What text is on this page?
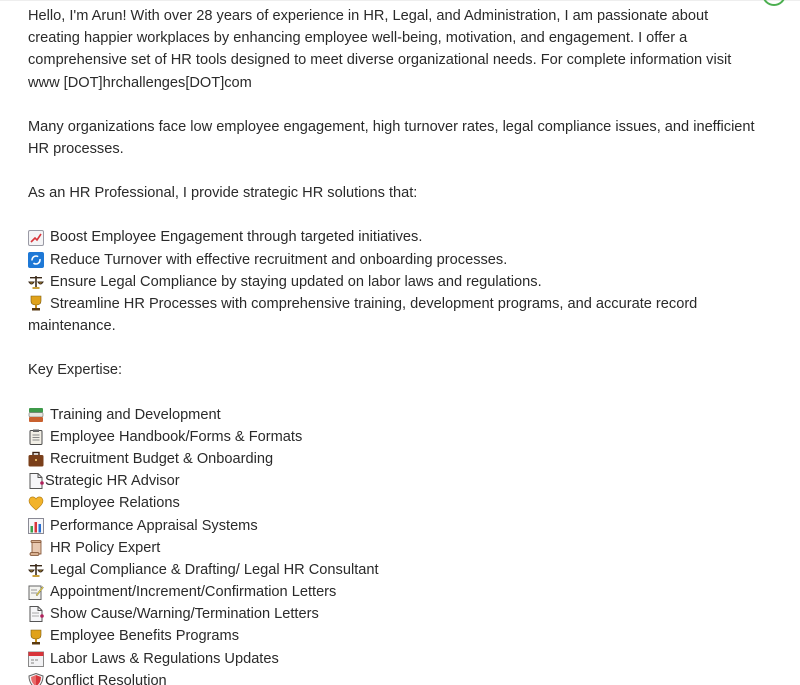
Hello, I'm Arun! With over 28 years of experience in HR, Legal, and Administration, I am passionate about creating happier workplaces by enhancing employee well-being, motivation, and engagement. I offer a comprehensive set of HR tools designed to meet diverse organizational needs. For complete information visit www [DOT]hrchallenges[DOT]com

Many organizations face low employee engagement, high turnover rates, legal compliance issues, and inefficient HR processes.

As an HR Professional, I provide strategic HR solutions that:

Boost Employee Engagement through targeted initiatives.
Reduce Turnover with effective recruitment and onboarding processes.
Ensure Legal Compliance by staying updated on labor laws and regulations.
Streamline HR Processes with comprehensive training, development programs, and accurate record maintenance.

Key Expertise:

Training and Development
Employee Handbook/Forms & Formats
Recruitment Budget & Onboarding
Strategic HR Advisor
Employee Relations
Performance Appraisal Systems
HR Policy Expert
Legal Compliance & Drafting/ Legal HR Consultant
Appointment/Increment/Confirmation Letters
Show Cause/Warning/Termination Letters
Employee Benefits Programs
Labor Laws & Regulations Updates
Conflict Resolution
